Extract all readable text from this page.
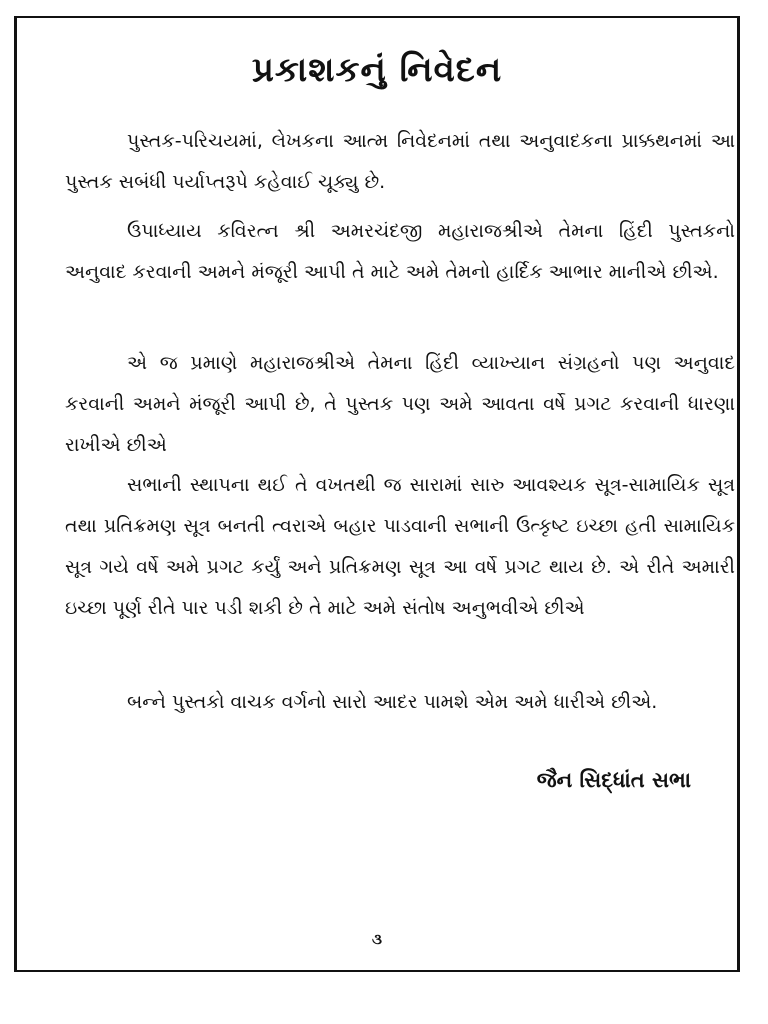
પ્રકાશકનું નિવેદન

પુસ્તક-પરિચયમાં, લેખકના આત્મ નિવેદનમાં તથા અનુવાદકના પ્રાક્કથનમાં આ પુસ્તક સબંધી પર્યાપ્તરૂપે કહેવાઈ ચૂક્યુ છે.

ઉપાધ્યાય કવિરત્ન શ્રી અમરચંદજી મહારાજશ્રીએ તેમના હિંદી પુસ્તકનો અનુવાદ કરવાની અમને મંજૂરી આપી તે માટે અમે તેમનો હાર્દિક આભાર માનીએ છીએ.

એ જ પ્રમાણે મહારાજશ્રીએ તેમના હિંદી વ્યાખ્યાન સંગ્રહનો પણ અનુવાદ કરવાની અમને મંજૂરી આપી છે, તે પુસ્તક પણ અમે આવતા વર્ષે પ્રગટ કરવાની ધારણા રાખીએ છીએ

સભાની સ્થાપના થઈ તે વખતથી જ સારામાં સારુ આવશ્યક સૂત્ર-સામાયિક સૂત્ર તથા પ્રતિક્રમણ સૂત્ર બનતી ત્વરાએ બહાર પાડવાની સભાની ઉત્કૃષ્ટ ઇચ્છા હતી સામાયિક સૂત્ર ગયે વર્ષે અમે પ્રગટ કર્યું અને પ્રતિક્રમણ સૂત્ર આ વર્ષે પ્રગટ થાય છે. એ રીતે અમારી ઇચ્છા પૂર્ણ રીતે પાર પડી શકી છે તે માટે અમે સંતોષ અનુભવીએ છીએ

બન્ને પુસ્તકો વાચક વર્ગનો સારો આદર પામશે એમ અમે ધારીએ છીએ.

જૈન સિદ્ધાંત સભા

૩
